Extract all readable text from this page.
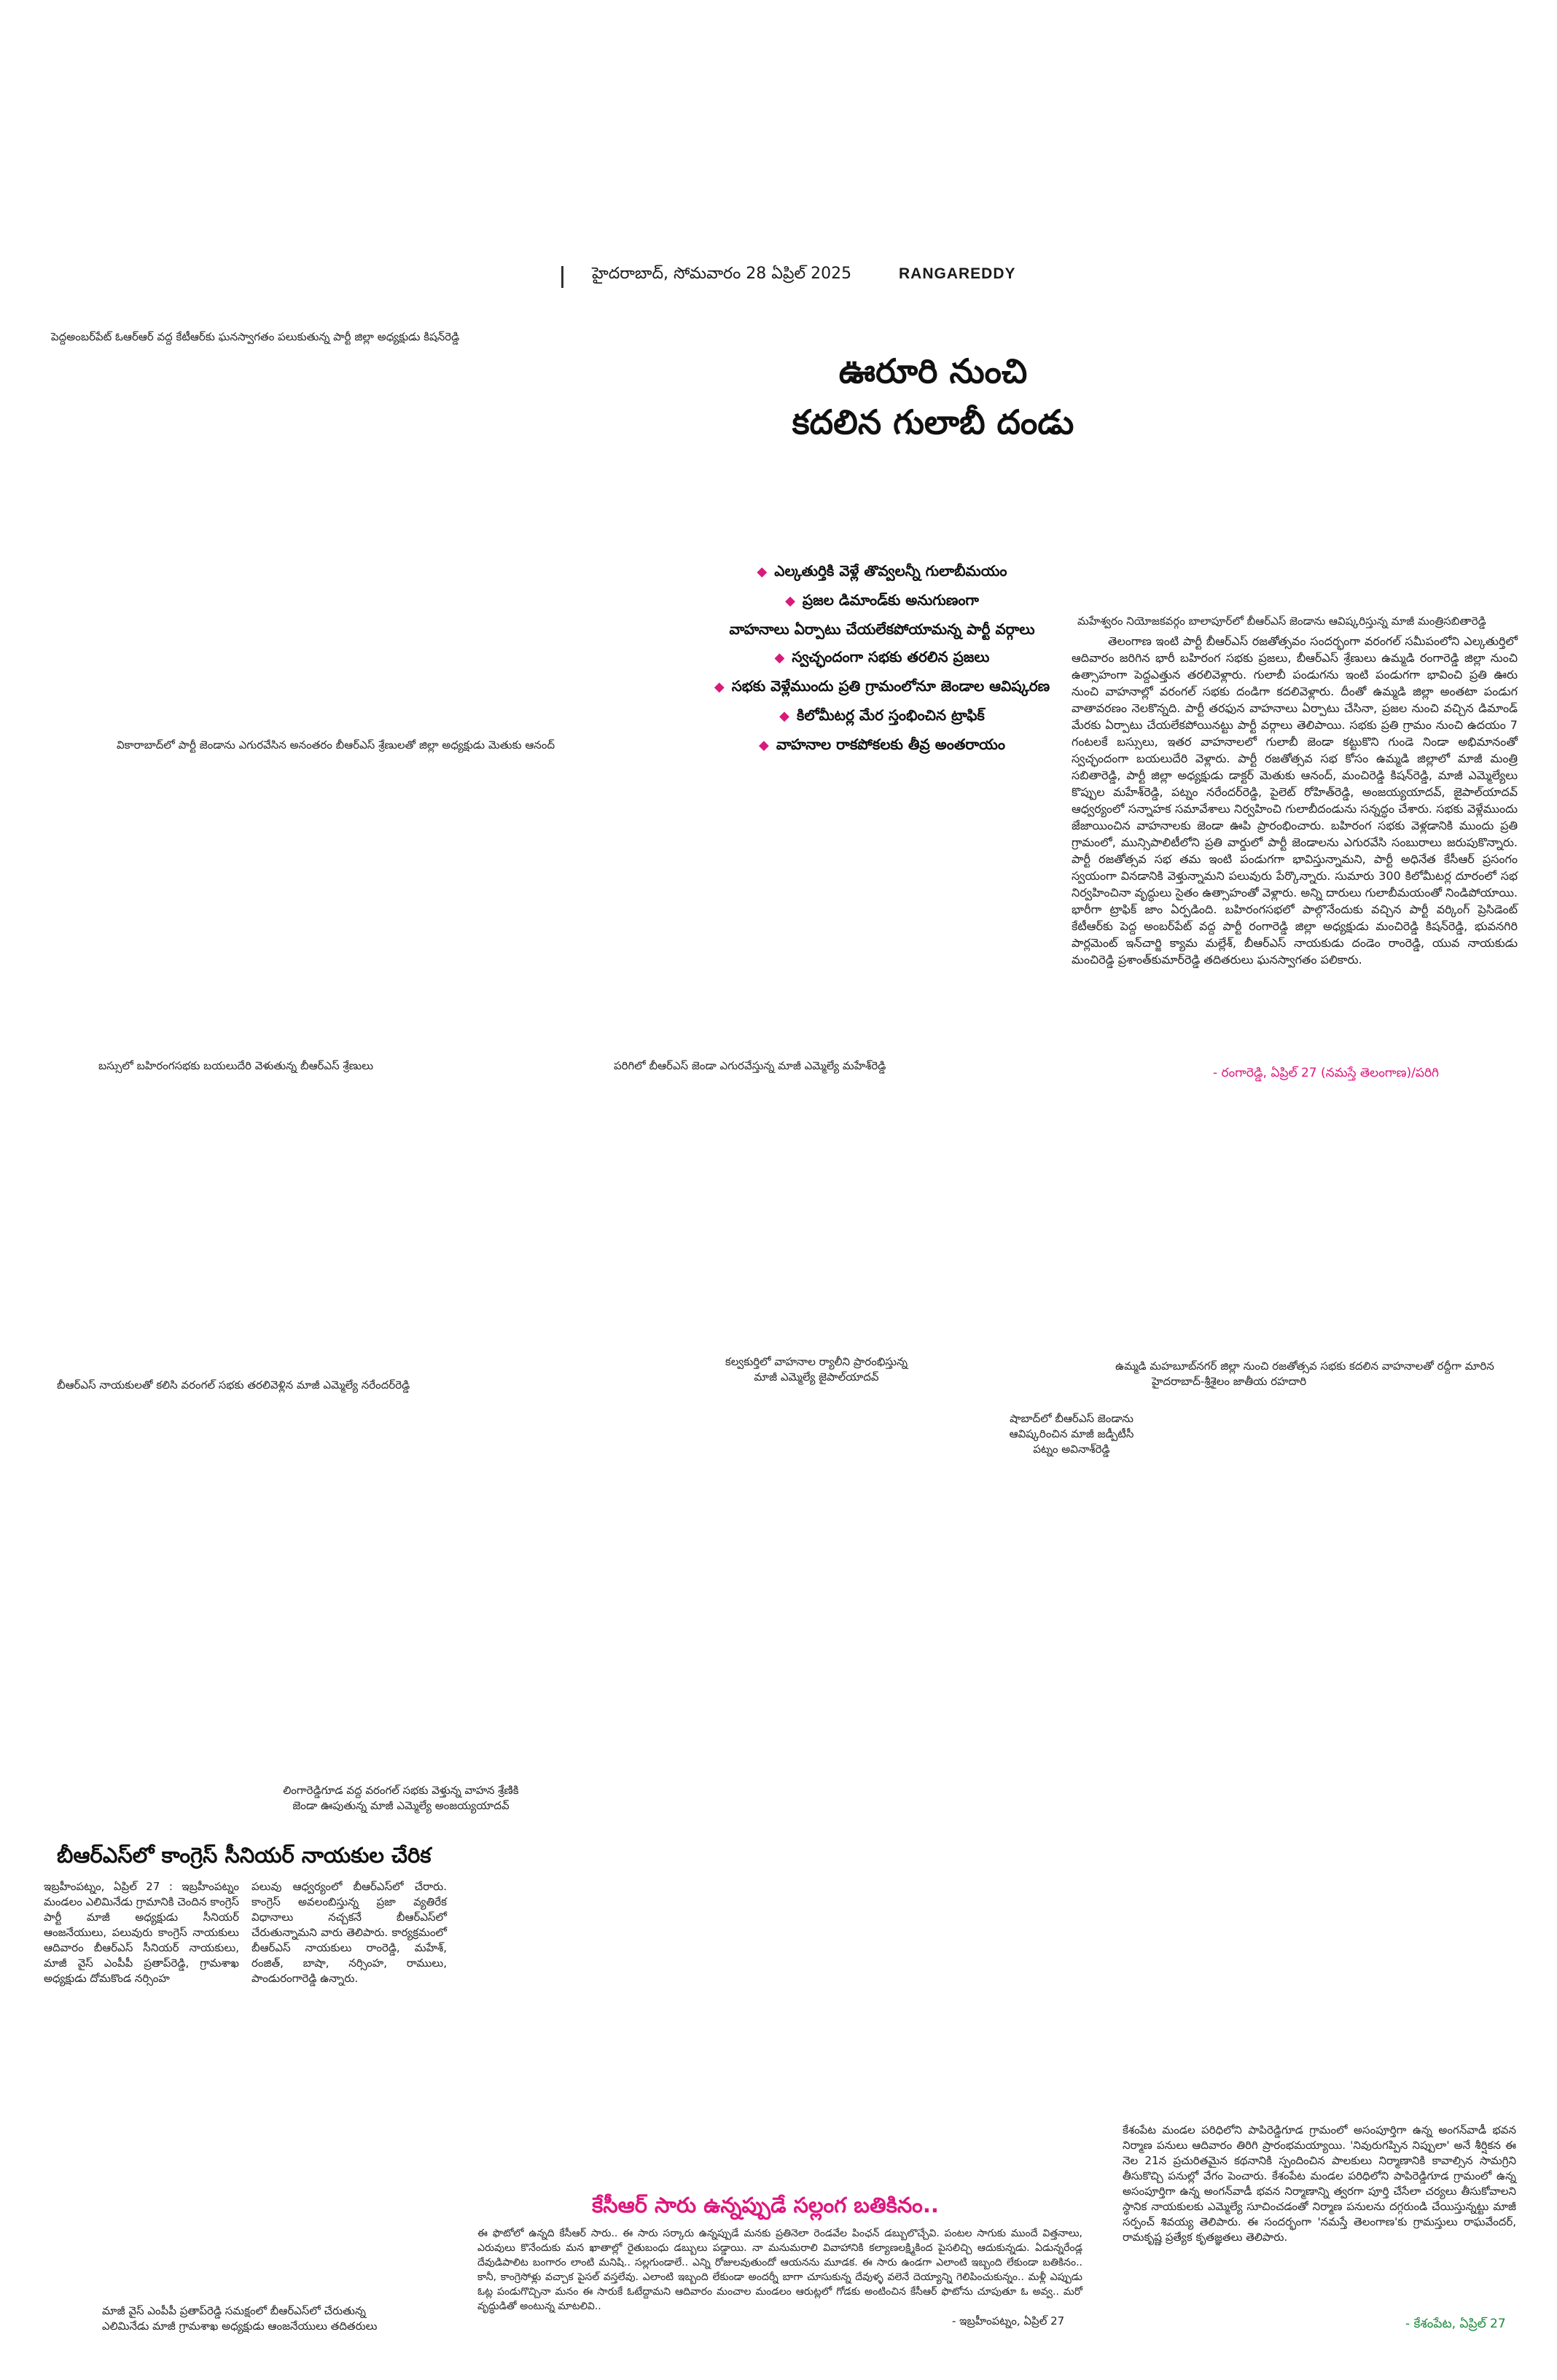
హైదరాబాద్, సోమవారం 28 ఏప్రిల్ 2025	RANGAREDDY
పెద్దఅంబర్‌పేట్ ఓఆర్ఆర్ వద్ద కేటీఆర్‌కు ఘనస్వాగతం పలుకుతున్న పార్టీ జిల్లా అధ్యక్షుడు కిషన్‌రెడ్డి
ఊరూరి నుంచి
కదలిన గులాబీ దండు
◆ ఎల్కతుర్తికి వెళ్లే తొవ్వలన్నీ గులాబీమయం
◆ ప్రజల డిమాండ్‌కు అనుగుణంగా
వాహనాలు ఏర్పాటు చేయలేకపోయామన్న పార్టీ వర్గాలు
◆ స్వచ్ఛందంగా సభకు తరలిన ప్రజలు
◆ సభకు వెళ్లేముందు ప్రతి గ్రామంలోనూ జెండాల ఆవిష్కరణ
◆ కిలోమీటర్ల మేర స్తంభించిన ట్రాఫిక్
◆ వాహనాల రాకపోకలకు తీవ్ర అంతరాయం
మహేశ్వరం నియోజకవర్గం బాలాపూర్‌లో బీఆర్‌ఎస్ జెండాను ఆవిష్కరిస్తున్న మాజీ మంత్రిసబితారెడ్డి
తెలంగాణ ఇంటి పార్టీ బీఆర్‌ఎస్ రజతోత్సవం సందర్భంగా వరంగల్ సమీపంలోని ఎల్కతుర్తిలో ఆదివారం జరిగిన భారీ బహిరంగ సభకు ప్రజలు, బీఆర్‌ఎస్ శ్రేణులు ఉమ్మడి రంగారెడ్డి జిల్లా నుంచి ఉత్సాహంగా పెద్దఎత్తున తరలివెళ్లారు. గులాబీ పండుగను ఇంటి పండుగగా భావించి ప్రతి ఊరు నుంచి వాహనాల్లో వరంగల్ సభకు దండిగా కదలివెళ్లారు. దీంతో ఉమ్మడి జిల్లా అంతటా పండుగ వాతావరణం నెలకొన్నది. పార్టీ తరఫున వాహనాలు ఏర్పాటు చేసినా, ప్రజల నుంచి వచ్చిన డిమాండ్ మేరకు ఏర్పాటు చేయలేకపోయినట్టు పార్టీ వర్గాలు తెలిపాయి. సభకు ప్రతి గ్రామం నుంచి ఉదయం 7 గంటలకే బస్సులు, ఇతర వాహనాలలో గులాబీ జెండా కట్టుకొని గుండె నిండా అభిమానంతో స్వచ్ఛందంగా బయలుదేరి వెళ్లారు. పార్టీ రజతోత్సవ సభ కోసం ఉమ్మడి జిల్లాలో మాజీ మంత్రి సబితారెడ్డి, పార్టీ జిల్లా అధ్యక్షుడు డాక్టర్ మెతుకు ఆనంద్, మంచిరెడ్డి కిషన్‌రెడ్డి, మాజీ ఎమ్మెల్యేలు కొప్పుల మహేశ్‌రెడ్డి, పట్నం నరేందర్‌రెడ్డి, పైలెట్ రోహిత్‌రెడ్డి, అంజయ్యయాదవ్, జైపాల్‌యాదవ్ ఆధ్వర్యంలో సన్నాహక సమావేశాలు నిర్వహించి గులాబీదండును సన్నద్ధం చేశారు. సభకు వెళ్లేముందు జేజాయించిన వాహనాలకు జెండా ఊపి ప్రారంభించారు. బహిరంగ సభకు వెళ్లడానికి ముందు ప్రతి గ్రామంలో, మున్సిపాలిటీలోని ప్రతి వార్డులో పార్టీ జెండాలను ఎగురవేసి సంబురాలు జరుపుకొన్నారు. పార్టీ రజతోత్సవ సభ తమ ఇంటి పండుగగా భావిస్తున్నామని, పార్టీ అధినేత కేసీఆర్ ప్రసంగం స్వయంగా వినడానికి వెళ్తున్నామని పలువురు పేర్కొన్నారు. సుమారు 300 కిలోమీటర్ల దూరంలో సభ నిర్వహించినా వృద్ధులు సైతం ఉత్సాహంతో వెళ్లారు. అన్ని దారులు గులాబీమయంతో నిండిపోయాయి. భారీగా ట్రాఫిక్ జాం ఏర్పడింది. బహిరంగసభలో పాల్గొనేందుకు వచ్చిన పార్టీ వర్కింగ్ ప్రెసిడెంట్ కేటీఆర్‌కు పెద్ద అంబర్‌పేట్ వద్ద పార్టీ రంగారెడ్డి జిల్లా అధ్యక్షుడు మంచిరెడ్డి కిషన్‌రెడ్డి, భువనగిరి పార్లమెంట్ ఇన్‌చార్జి క్యామ మల్లేశ్, బీఆర్‌ఎస్ నాయకుడు దండెం రాంరెడ్డి, యువ నాయకుడు మంచిరెడ్డి ప్రశాంత్‌కుమార్‌రెడ్డి తదితరులు ఘనస్వాగతం పలికారు.
- రంగారెడ్డి, ఏప్రిల్ 27 (నమస్తే తెలంగాణ)/పరిగి
వికారాబాద్‌లో పార్టీ జెండాను ఎగురవేసిన అనంతరం బీఆర్‌ఎస్ శ్రేణులతో జిల్లా అధ్యక్షుడు మెతుకు ఆనంద్
బస్సులో బహిరంగసభకు బయలుదేరి వెళుతున్న బీఆర్‌ఎస్ శ్రేణులు	పరిగిలో బీఆర్‌ఎస్ జెండా ఎగురవేస్తున్న మాజీ ఎమ్మెల్యే మహేశ్‌రెడ్డి
బీఆర్‌ఎస్ నాయకులతో కలిసి వరంగల్ సభకు తరలివెళ్లిన మాజీ ఎమ్మెల్యే నరేందర్‌రెడ్డి
కల్వకుర్తిలో వాహనాల ర్యాలీని ప్రారంభిస్తున్న
మాజీ ఎమ్మెల్యే జైపాల్‌యాదవ్
ఉమ్మడి మహబూబ్‌నగర్ జిల్లా నుంచి రజతోత్సవ సభకు కదలిన వాహనాలతో రద్దీగా మారిన
హైదరాబాద్-శ్రీశైలం జాతీయ రహదారి
షాబాద్‌లో బీఆర్‌ఎస్ జెండాను
ఆవిష్కరించిన మాజీ జడ్పీటీసీ
పట్నం అవినాశ్‌రెడ్డి
లింగారెడ్డిగూడ వద్ద వరంగల్ సభకు వెళ్తున్న వాహన శ్రేణికి
జెండా ఊపుతున్న మాజీ ఎమ్మెల్యే అంజయ్యయాదవ్
బీఆర్‌ఎస్‌లో కాంగ్రెస్ సీనియర్ నాయకుల చేరిక
ఇబ్రహీంపట్నం, ఏప్రిల్ 27 : ఇబ్రహీంపట్నం మండలం ఎలిమినేడు గ్రామానికి చెందిన కాంగ్రెస్ పార్టీ మాజీ అధ్యక్షుడు సీనియర్ ఆంజనేయులు, పలువురు కాంగ్రెస్ నాయకులు ఆదివారం బీఆర్‌ఎస్ సీనియర్ నాయకులు, మాజీ వైస్ ఎంపీపీ ప్రతాప్‌రెడ్డి, గ్రామశాఖ అధ్యక్షుడు దోమకొండ నర్సింహ
పలువు ఆధ్వర్యంలో బీఆర్‌ఎస్‌లో చేరారు. కాంగ్రెస్ అవలంబిస్తున్న ప్రజా వ్యతిరేక విధానాలు నచ్చకనే బీఆర్‌ఎస్‌లో చేరుతున్నామని వారు తెలిపారు. కార్యక్రమంలో బీఆర్‌ఎస్ నాయకులు రాంరెడ్డి, మహేశ్, రంజిత్, బాషా, నర్సింహ, రాములు, పాండురంగారెడ్డి ఉన్నారు.
కేశంపేట మండల పరిధిలోని పాపిరెడ్డిగూడ గ్రామంలో అసంపూర్తిగా ఉన్న అంగన్‌వాడీ భవన నిర్మాణ పనులు ఆదివారం తిరిగి ప్రారంభమయ్యాయి. 'నివురుగప్పిన నిప్పులా' అనే శీర్షికన ఈ నెల 21న ప్రచురితమైన కథనానికి స్పందించిన పాలకులు నిర్మాణానికి కావాల్సిన సామగ్రిని తీసుకొచ్చి పనుల్లో వేగం పెంచారు. కేశంపేట మండల పరిధిలోని పాపిరెడ్డిగూడ గ్రామంలో ఉన్న అసంపూర్తిగా ఉన్న అంగన్‌వాడీ భవన నిర్మాణాన్ని త్వరగా పూర్తి చేసేలా చర్యలు తీసుకోవాలని స్థానిక నాయకులకు ఎమ్మెల్యే సూచించడంతో నిర్మాణ పనులను దగ్గరుండి చేయిస్తున్నట్టు మాజీ సర్పంచ్ శివయ్య తెలిపారు. ఈ సందర్భంగా 'నమస్తే తెలంగాణ'కు గ్రామస్తులు రాఘవేందర్, రామకృష్ణ ప్రత్యేక కృతజ్ఞతలు తెలిపారు.
- కేశంపేట, ఏప్రిల్ 27
కేసీఆర్ సారు ఉన్నప్పుడే సల్లంగ బతికినం..
ఈ ఫొటోలో ఉన్నది కేసీఆర్ సారు.. ఈ సారు సర్కారు ఉన్నప్పుడే మనకు ప్రతినెలా రెండవేల పింఛన్ డబ్బులొచ్చేవి. పంటల సాగుకు ముందే విత్తనాలు, ఎరువులు కొనేందుకు మన ఖాతాల్లో రైతుబంధు డబ్బులు పడ్డాయి. నా మనుమరాలి వివాహానికి కల్యాణలక్ష్మికింద పైసలిచ్చి ఆదుకున్నడు. ఏడున్నరేండ్ల దేవుడిపాలిట బంగారం లాంటి మనిషి.. సల్లగుండాలే.. ఎన్ని రోజులవుతుందో ఆయనను మూడక. ఈ సారు ఉండగా ఎలాంటి ఇబ్బంది లేకుండా బతికినం.. కానీ, కాంగ్రెసోళ్లు వచ్చాక పైసల్ వస్తలేవు. ఎలాంటి ఇబ్బంది లేకుండా అందర్నీ బాగా చూసుకున్న దేవుళ్ళ వలెనే దెయ్యాన్ని గెలిపించుకున్నం.. మళ్లీ ఎప్పుడు ఓట్ల పండుగొచ్చినా మనం ఈ సారుకే ఓటేద్దామని ఆదివారం మంచాల మండలం ఆరుట్లలో గోడకు అంటించిన కేసీఆర్ ఫొటోను చూపుతూ ఓ అవ్వ.. మరో వృద్ధుడితో అంటున్న మాటలివి..
- ఇబ్రహీంపట్నం, ఏప్రిల్ 27
మాజీ వైస్ ఎంపీపీ ప్రతాప్‌రెడ్డి సమక్షంలో బీఆర్‌ఎస్‌లో చేరుతున్న
ఎలిమినేడు మాజీ గ్రామశాఖ అధ్యక్షుడు ఆంజనేయులు తదితరులు
